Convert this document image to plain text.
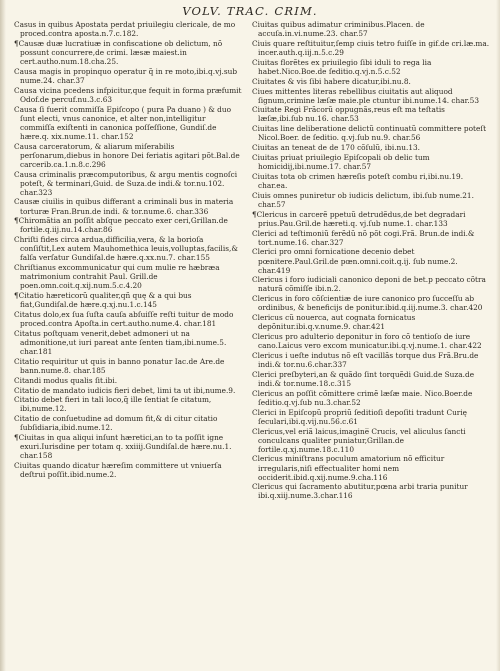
VOLV. TRAC. CRIM.

Casus in quibus Apostata perdat priuilegiu clericale, de mo proced.contra aposta.n.7.c.182.

¶Causæ duæ lucratiuæ in confiscatione ob delictum, nõ possunt concurrere,de crimi. læsæ maiest.in cert.autho.num.18.cha.25.

Causa magis in propinquo operatur q̃ in re moto,ibi.q.vj.sub nume.24. char.37

Causa vicina pcedens infpicitur,que fequit in forma præfumit Odof.de percuf.nu.3.c.63

Causa ſi fuerit commiſſa Epiſcopo ( pura Pa duano ) & duo ſunt electi, vnus canonice, et alter non,intelligitur commiſſa exiſtenti in canonica poſſeſſione, Gundiſ.de hære.q. xix.nume.11. char.152

Causa carceratorum, & aliarum miſerabilis perſonarum,diebus in honore Dei feriatis agitari põt.Bal.de carcerib.ca.1.n.8.c.296

Causa criminalis præcomputoribus, & argu mentis cognoſci poteſt, & terminari,Guid. de Suza.de indi.& tor.nu.102. char.323

Causæ ciuilis in quibus differant a criminali bus in materia torturæ Fran.Brun.de indi. & tor.nume.6. char.336

¶Chiromãtia an poſſit abſque peccato exer ceri,Grillan.de fortile.q.iij.nu.14.char.86

Chriſti fides circa ardua,difficilia,vera, & la borioſa conſiſtit,Lex autem Mauhomethica leuis,volluptas,facilis,& falſa verſatur Gundiſal.de hære.q.xx.nu.7. char.155

Chriſtianus excommunicatur qui cum mulie re hæbræa matrimonium contrahit Paul. Grill.de poen.omn.coit.q.xij.num.5.c.4.20

¶Citatio hæreticorũ qualiter,qñ quę & a qui bus fiat,Gundiſal.de hære.q.xj.nu.1.c.145

Citatus dolo,ex ſua ſuſta cauſa abſuiſſe reſti tuitur de modo proced.contra Apoſta.in cert.autho.nume.4. char.181

Citatus poſtquam venerit,debet admoneri ut na admonitione,ut iuri pareat ante ſenten tiam,ibi.nume.5. char.181

Citatio requiritur ut quis in banno ponatur Iac.de Are.de bann.nume.8. char.185

Citandi modus qualis ſit.ibi.

Citatio de mandato iudicis fieri debet, limi ta ut ibi,nume.9.

Citatio debet fieri in tali loco,q̃ ille ſentiat ſe citatum, ibi,nume.12.

Citatio de conſuetudine ad domum fit,& di citur citatio ſubſidiaria,ibid.nume.12.

¶Ciuitas in qua aliqui inſunt hæretici,an to ta poſſit igne exuri.Iurisdine per totam q. xxiiij.Gundiſal.de hære.nu.1. char.158

Ciuitas quando dicatur hæreſim committere ut vniuerſa deſtrui poſſit.ibid.nume.2.

Ciuitas quibus adimatur criminibus.Placen. de accuſa.in.vi.nume.23. char.57

Ciuis quare reſtituitur,ſemp ciuis tetro fuiſſe in gif.de cri.læ.ma. incer.auth.q.iij.n.5.c.29

Ciuitas florẽtes ex priuilegio ſibi iduli to rega lia habet.Nico.Boe.de ſeditio.q.vj.n.5.c.52

Ciuitates & vis ſibi habere dicatur,ibi.nu.8.

Ciues mittentes literas rebellibus ciuitatis aut aliquod ſignum,crimine læſæ maie.ple ctuntur ibi.nume.14. char.53

Ciuitate Regi Frãcorũ oppugnãs,reus eſt ma teſtatis læſæ,ibi.ſub nu.16. char.53

Ciuitas line deliberatione delictũ continuatũ committere poteſt Nicol.Boer. de ſeditio. q.vj.ſub nu.9. char.56

Ciuitas an teneat de de 170 cõſulũ, ibi.nu.13.

Ciuitas priuat priuilegio Epiſcopali ob delic tum homicidij,ibi.nume.17. char.57

Ciuitas tota ob crimen hæreſis poteſt combu ri,ibi.nu.19. char.ea.

Ciuis omnes puniretur ob iudicis delictum, ibi.ſub nume.21. char.57

¶Clericus in carcerẽ ppetuũ detrudẽdus,de bet degradari prius.Pau.Gril.de hæreti.q. vj.ſub nume.1. char.133

Clerici ad teſtimoniũ ferẽdũ nõ põt cogi.Frã. Brun.de indi.& tort.nume.16. char.327

Clerici pro omni fornicatione decenio debet pœnitere.Paul.Gril.de pœn.omni.coit.q.ij. ſub nume.2. char.419

Clericus i foro iudiciali canonico deponi de bet.p peccato cõtra naturã cõmiſſe ibi.n.2.

Clericus in foro cõſcientiæ de iure canonico pro ſucceſſu ab ordinibus, & beneficijs de ponitur.ibid.q.iij.nume.3. char.420

Clericus cũ nouerca, aut cognata fornicatus depõnitur.ibi.q.v.nume.9. char.421

Clericus pro adulterio deponitur in foro cõ tentioſo de iure cano.Laicus vero excom municatur.ibi.q.vj.nume.1. char.422

Clericus i ueſte indutus nõ eſt vacillãs torque dus Frã.Bru.de indi.& tor.nu.6.char.337

Clerici preſbyteri,an & quãdo ſint torquẽdi Guid.de Suza.de indi.& tor.nume.18.c.315

Clericus an poſſit cõmittere crimẽ læſæ maie. Nico.Boer.de ſeditio.q.vj.ſub nu.3.char.52

Clerici in Epiſcopũ propriũ ſeditioſi depoſiti tradunt Curię ſeculari,ibi.q.vij.nu.56.c.61

Clericus,vel eriã laicus,imagine̅ Crucis, vel aliculus ſancti conculcans qualiter puniatur,Grillan.de fortile.q.xj.nume.18.c.110

Clericus miniſtrans poculum amatorium nõ efficitur irregularis,niſi effectualiter homi nem occiderit.ibid.q.xij.nume.9.cha.116

Clericus qui ſacramento abutitur,pœna arbi traria punitur ibi.q.xiij.nume.3.char.116
